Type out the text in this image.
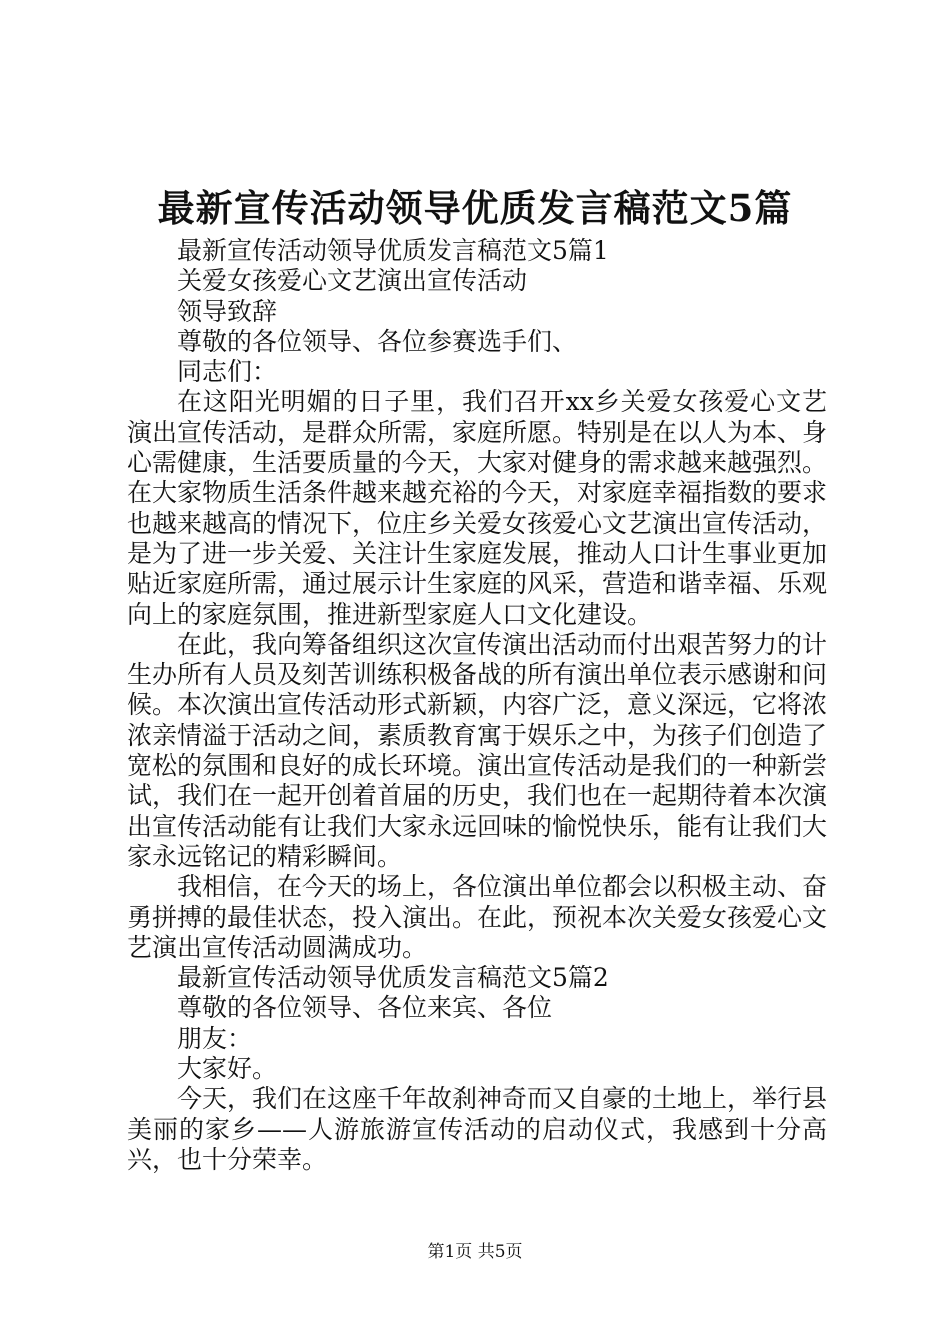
最新宣传活动领导优质发言稿范文5篇

最新宣传活动领导优质发言稿范文5篇1

关爱女孩爱心文艺演出宣传活动

领导致辞

尊敬的各位领导、各位参赛选手们、

同志们：

在这阳光明媚的日子里，我们召开xx乡关爱女孩爱心文艺演出宣传活动，是群众所需，家庭所愿。特别是在以人为本、身心需健康，生活要质量的今天，大家对健身的需求越来越强烈。在大家物质生活条件越来越充裕的今天，对家庭幸福指数的要求也越来越高的情况下，位庄乡关爱女孩爱心文艺演出宣传活动，是为了进一步关爱、关注计生家庭发展，推动人口计生事业更加贴近家庭所需，通过展示计生家庭的风采，营造和谐幸福、乐观向上的家庭氛围，推进新型家庭人口文化建设。

在此，我向筹备组织这次宣传演出活动而付出艰苦努力的计生办所有人员及刻苦训练积极备战的所有演出单位表示感谢和问候。本次演出宣传活动形式新颖，内容广泛，意义深远，它将浓浓亲情溢于活动之间，素质教育寓于娱乐之中，为孩子们创造了宽松的氛围和良好的成长环境。演出宣传活动是我们的一种新尝试，我们在一起开创着首届的历史，我们也在一起期待着本次演出宣传活动能有让我们大家永远回味的愉悦快乐，能有让我们大家永远铭记的精彩瞬间。

我相信，在今天的场上，各位演出单位都会以积极主动、奋勇拼搏的最佳状态，投入演出。在此，预祝本次关爱女孩爱心文艺演出宣传活动圆满成功。

最新宣传活动领导优质发言稿范文5篇2

尊敬的各位领导、各位来宾、各位

朋友：

大家好。

今天，我们在这座千年故刹神奇而又自豪的土地上，举行县美丽的家乡——人游旅游宣传活动的启动仪式，我感到十分高兴，也十分荣幸。

第1页 共5页
